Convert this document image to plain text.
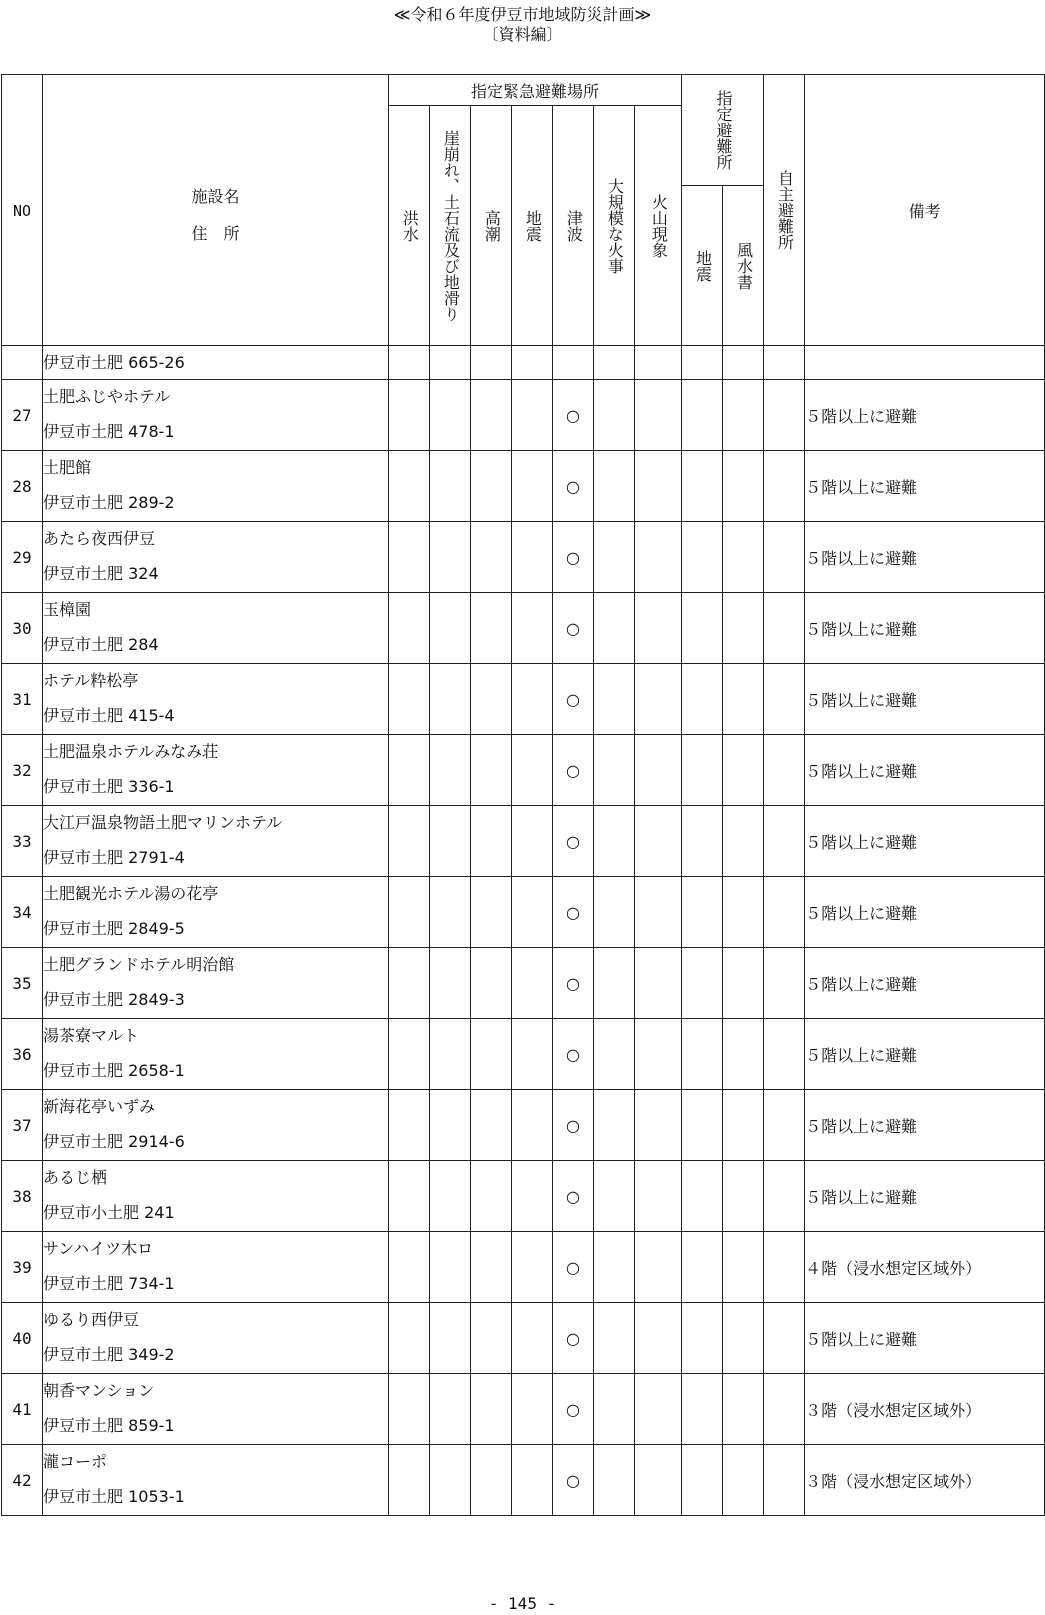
≪令和６年度伊豆市地域防災計画≫
〔資料編〕
NO	施設名
住　所	指定緊急避難場所							指定避難所		自主避難所	備考

		洪水	崖崩れ、土石流及び地滑り	高潮	地震	津波	大規模な火事	火山現象				

									地震	風水書		

	伊豆市土肥 665-26											
27	土肥ふじやホテル
伊豆市土肥 478-1					○						５階以上に避難
28	土肥館
伊豆市土肥 289-2					○						５階以上に避難
29	あたら夜西伊豆
伊豆市土肥 324					○						５階以上に避難
30	玉樟園
伊豆市土肥 284					○						５階以上に避難
31	ホテル粋松亭
伊豆市土肥 415-4					○						５階以上に避難
32	土肥温泉ホテルみなみ荘
伊豆市土肥 336-1					○						５階以上に避難
33	大江戸温泉物語土肥マリンホテル
伊豆市土肥 2791-4					○						５階以上に避難
34	土肥観光ホテル湯の花亭
伊豆市土肥 2849-5					○						５階以上に避難
35	土肥グランドホテル明治館
伊豆市土肥 2849-3					○						５階以上に避難
36	湯茶寮マルト
伊豆市土肥 2658-1					○						５階以上に避難
37	新海花亭いずみ
伊豆市土肥 2914-6					○						５階以上に避難
38	あるじ栖
伊豆市小土肥 241					○						５階以上に避難
39	サンハイツ木ロ
伊豆市土肥 734-1					○						４階（浸水想定区域外）
40	ゆるり西伊豆
伊豆市土肥 349-2					○						５階以上に避難
41	朝香マンション
伊豆市土肥 859-1					○						３階（浸水想定区域外）
42	瀧コーポ
伊豆市土肥 1053-1					○						３階（浸水想定区域外）
- 145 -
